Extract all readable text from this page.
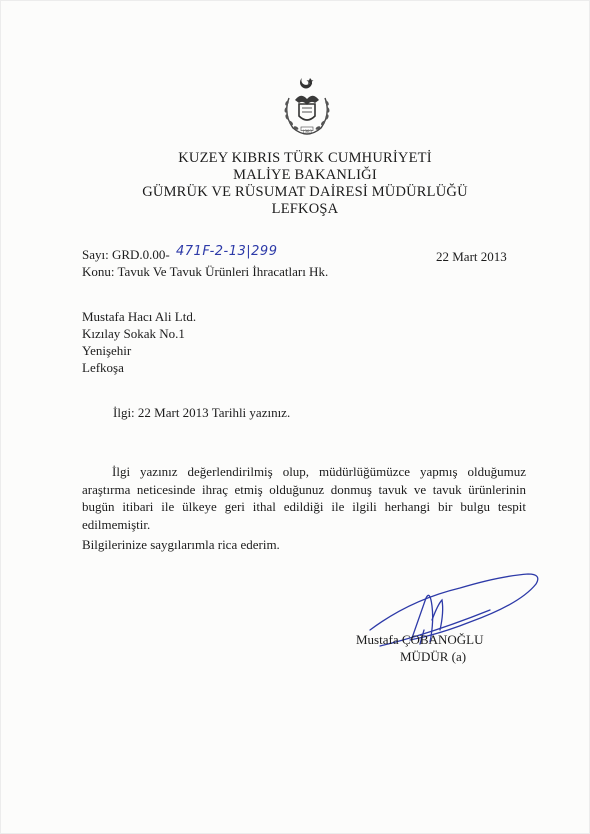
1983
KUZEY KIBRIS TÜRK CUMHURİYETİ
MALİYE BAKANLIĞI
GÜMRÜK VE RÜSUMAT DAİRESİ MÜDÜRLÜĞÜ
LEFKOŞA
Sayı: GRD.0.00- 471F-2-13|299	22 Mart 2013
Konu: Tavuk Ve Tavuk Ürünleri İhracatları Hk.
Mustafa Hacı Ali Ltd.
Kızılay Sokak No.1
Yenişehir
Lefkoşa
İlgi: 22 Mart 2013 Tarihli yazınız.
İlgi yazınız değerlendirilmiş olup, müdürlüğümüzce yapmış olduğumuz araştırma neticesinde ihraç etmiş olduğunuz donmuş tavuk ve tavuk ürünlerinin bugün itibari ile ülkeye geri ithal edildiği ile ilgili herhangi bir bulgu tespit edilmemiştir.
Bilgilerinize saygılarımla rica ederim.
Mustafa ÇOBANOĞLU
MÜDÜR (a)
